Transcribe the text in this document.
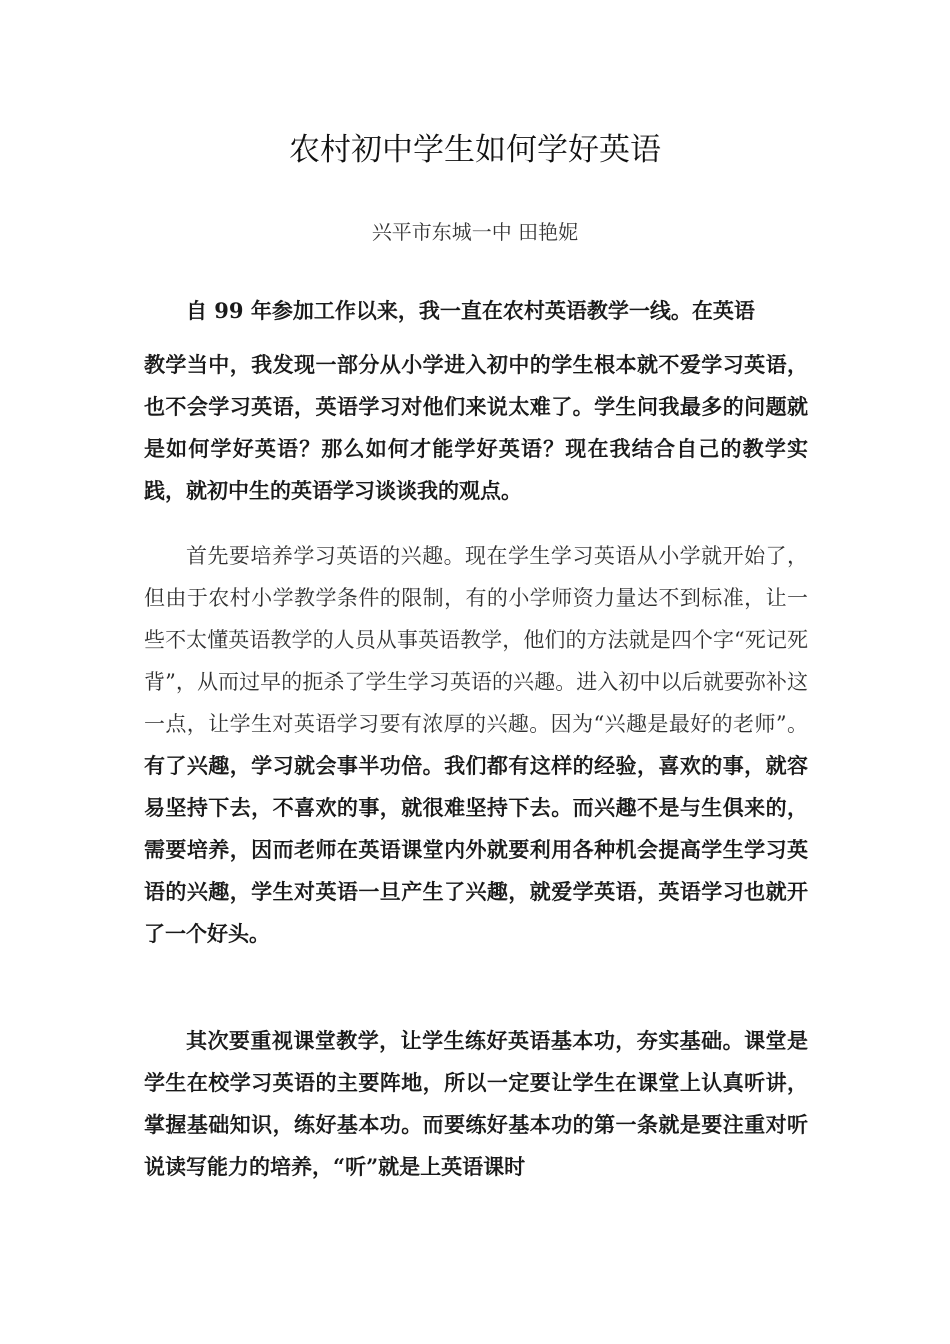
农村初中学生如何学好英语

兴平市东城一中 田艳妮

自 99 年参加工作以来，我一直在农村英语教学一线。在英语
教学当中，我发现一部分从小学进入初中的学生根本就不爱学习英语，也不会学习英语，英语学习对他们来说太难了。学生问我最多的问题就是如何学好英语？那么如何才能学好英语？现在我结合自己的教学实践，就初中生的英语学习谈谈我的观点。

首先要培养学习英语的兴趣。现在学生学习英语从小学就开始了，但由于农村小学教学条件的限制，有的小学师资力量达不到标准，让一些不太懂英语教学的人员从事英语教学，他们的方法就是四个字“死记死背”，从而过早的扼杀了学生学习英语的兴趣。进入初中以后就要弥补这一点，让学生对英语学习要有浓厚的兴趣。因为“兴趣是最好的老师”。有了兴趣，学习就会事半功倍。我们都有这样的经验，喜欢的事，就容易坚持下去，不喜欢的事，就很难坚持下去。而兴趣不是与生俱来的，需要培养，因而老师在英语课堂内外就要利用各种机会提高学生学习英语的兴趣，学生对英语一旦产生了兴趣，就爱学英语，英语学习也就开了一个好头。

其次要重视课堂教学，让学生练好英语基本功，夯实基础。课堂是学生在校学习英语的主要阵地，所以一定要让学生在课堂上认真听讲，掌握基础知识，练好基本功。而要练好基本功的第一条就是要注重对听说读写能力的培养，“听”就是上英语课时
